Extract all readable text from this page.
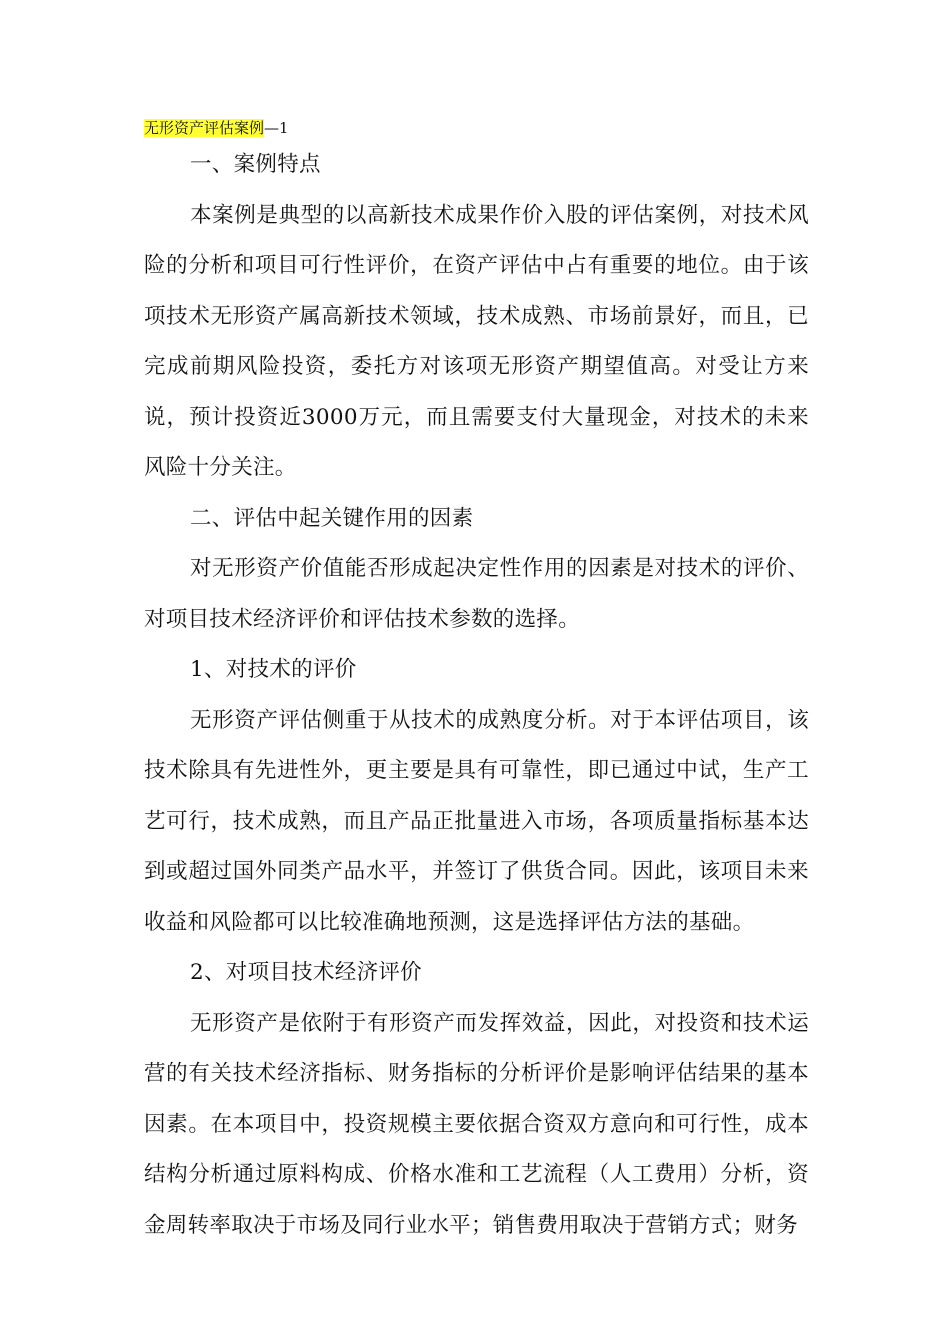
无形资产评估案例—1

一、案例特点

本案例是典型的以高新技术成果作价入股的评估案例，对技术风险的分析和项目可行性评价，在资产评估中占有重要的地位。由于该项技术无形资产属高新技术领域，技术成熟、市场前景好，而且，已完成前期风险投资，委托方对该项无形资产期望值高。对受让方来说，预计投资近3000万元，而且需要支付大量现金，对技术的未来风险十分关注。

二、评估中起关键作用的因素

对无形资产价值能否形成起决定性作用的因素是对技术的评价、对项目技术经济评价和评估技术参数的选择。

1、对技术的评价

无形资产评估侧重于从技术的成熟度分析。对于本评估项目，该技术除具有先进性外，更主要是具有可靠性，即已通过中试，生产工艺可行，技术成熟，而且产品正批量进入市场，各项质量指标基本达到或超过国外同类产品水平，并签订了供货合同。因此，该项目未来收益和风险都可以比较准确地预测，这是选择评估方法的基础。

2、对项目技术经济评价

无形资产是依附于有形资产而发挥效益，因此，对投资和技术运营的有关技术经济指标、财务指标的分析评价是影响评估结果的基本因素。在本项目中，投资规模主要依据合资双方意向和可行性，成本结构分析通过原料构成、价格水准和工艺流程（人工费用）分析，资金周转率取决于市场及同行业水平；销售费用取决于营销方式；财务
